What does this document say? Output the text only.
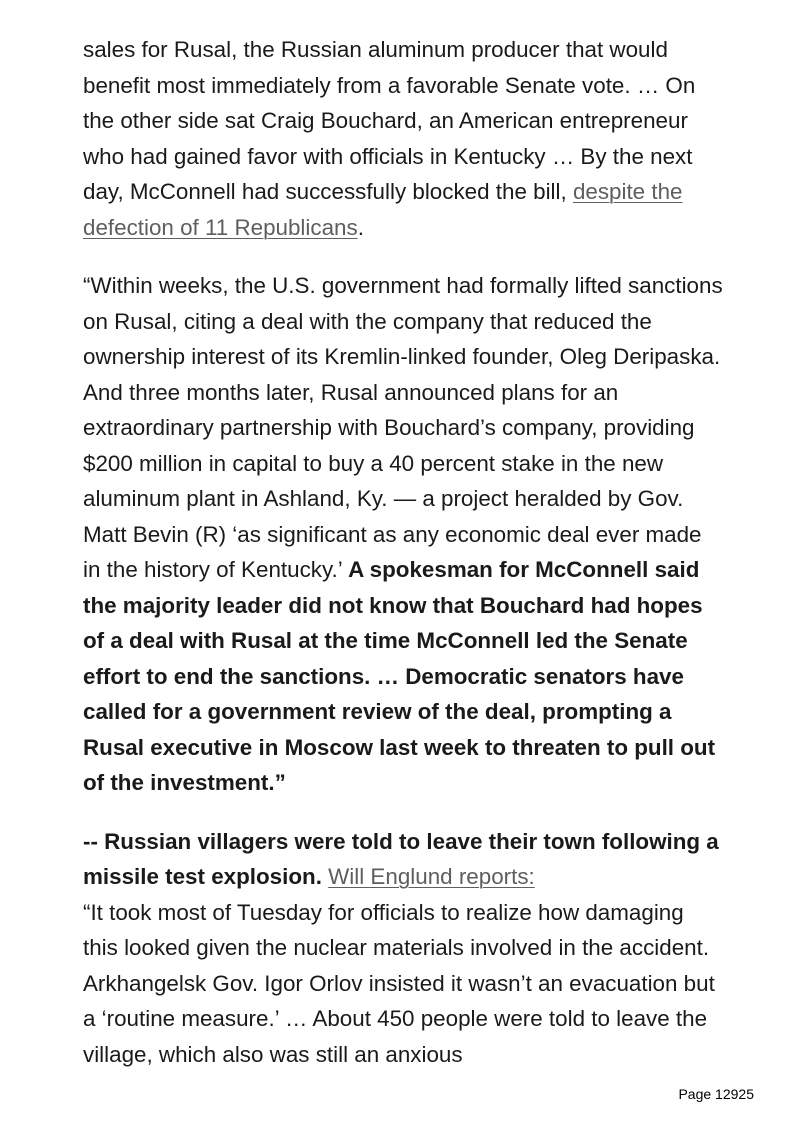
sales for Rusal, the Russian aluminum producer that would benefit most immediately from a favorable Senate vote. … On the other side sat Craig Bouchard, an American entrepreneur who had gained favor with officials in Kentucky … By the next day, McConnell had successfully blocked the bill, despite the defection of 11 Republicans.

“Within weeks, the U.S. government had formally lifted sanctions on Rusal, citing a deal with the company that reduced the ownership interest of its Kremlin-linked founder, Oleg Deripaska. And three months later, Rusal announced plans for an extraordinary partnership with Bouchard’s company, providing $200 million in capital to buy a 40 percent stake in the new aluminum plant in Ashland, Ky. — a project heralded by Gov. Matt Bevin (R) ‘as significant as any economic deal ever made in the history of Kentucky.’ A spokesman for McConnell said the majority leader did not know that Bouchard had hopes of a deal with Rusal at the time McConnell led the Senate effort to end the sanctions. … Democratic senators have called for a government review of the deal, prompting a Rusal executive in Moscow last week to threaten to pull out of the investment.”

-- Russian villagers were told to leave their town following a missile test explosion. Will Englund reports:
“It took most of Tuesday for officials to realize how damaging this looked given the nuclear materials involved in the accident. Arkhangelsk Gov. Igor Orlov insisted it wasn’t an evacuation but a ‘routine measure.’ … About 450 people were told to leave the village, which also was still an anxious

Page 12925
